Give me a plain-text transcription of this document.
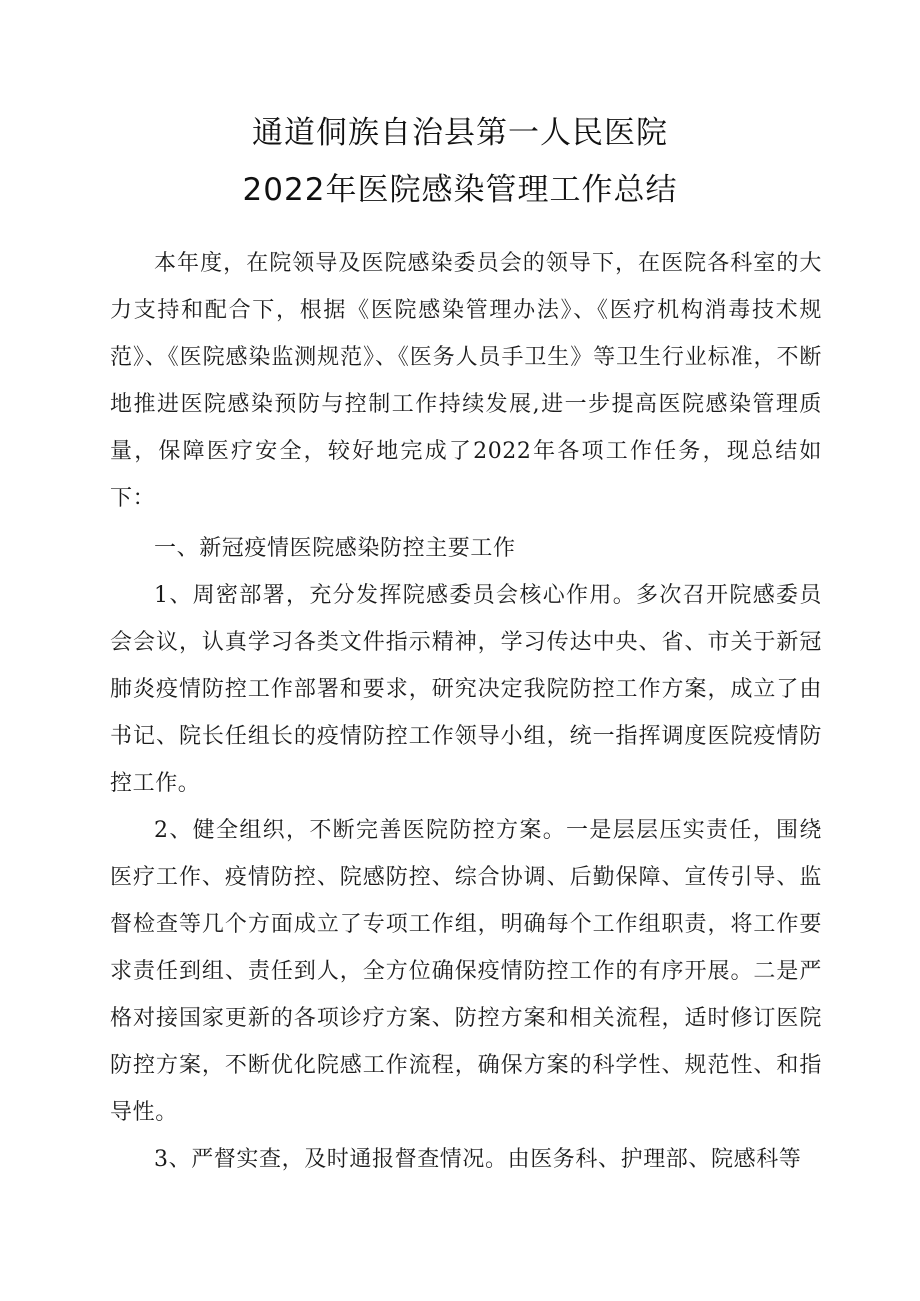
通道侗族自治县第一人民医院
2022年医院感染管理工作总结

本年度，在院领导及医院感染委员会的领导下，在医院各科室的大力支持和配合下，根据《医院感染管理办法》、《医疗机构消毒技术规范》、《医院感染监测规范》、《医务人员手卫生》等卫生行业标准，不断地推进医院感染预防与控制工作持续发展,进一步提高医院感染管理质量，保障医疗安全，较好地完成了2022年各项工作任务，现总结如下：

一、新冠疫情医院感染防控主要工作

1、周密部署，充分发挥院感委员会核心作用。多次召开院感委员会会议，认真学习各类文件指示精神，学习传达中央、省、市关于新冠肺炎疫情防控工作部署和要求，研究决定我院防控工作方案，成立了由书记、院长任组长的疫情防控工作领导小组，统一指挥调度医院疫情防控工作。

2、健全组织，不断完善医院防控方案。一是层层压实责任，围绕医疗工作、疫情防控、院感防控、综合协调、后勤保障、宣传引导、监督检查等几个方面成立了专项工作组，明确每个工作组职责，将工作要求责任到组、责任到人，全方位确保疫情防控工作的有序开展。二是严格对接国家更新的各项诊疗方案、防控方案和相关流程，适时修订医院防控方案，不断优化院感工作流程，确保方案的科学性、规范性、和指导性。

3、严督实查，及时通报督查情况。由医务科、护理部、院感科等
